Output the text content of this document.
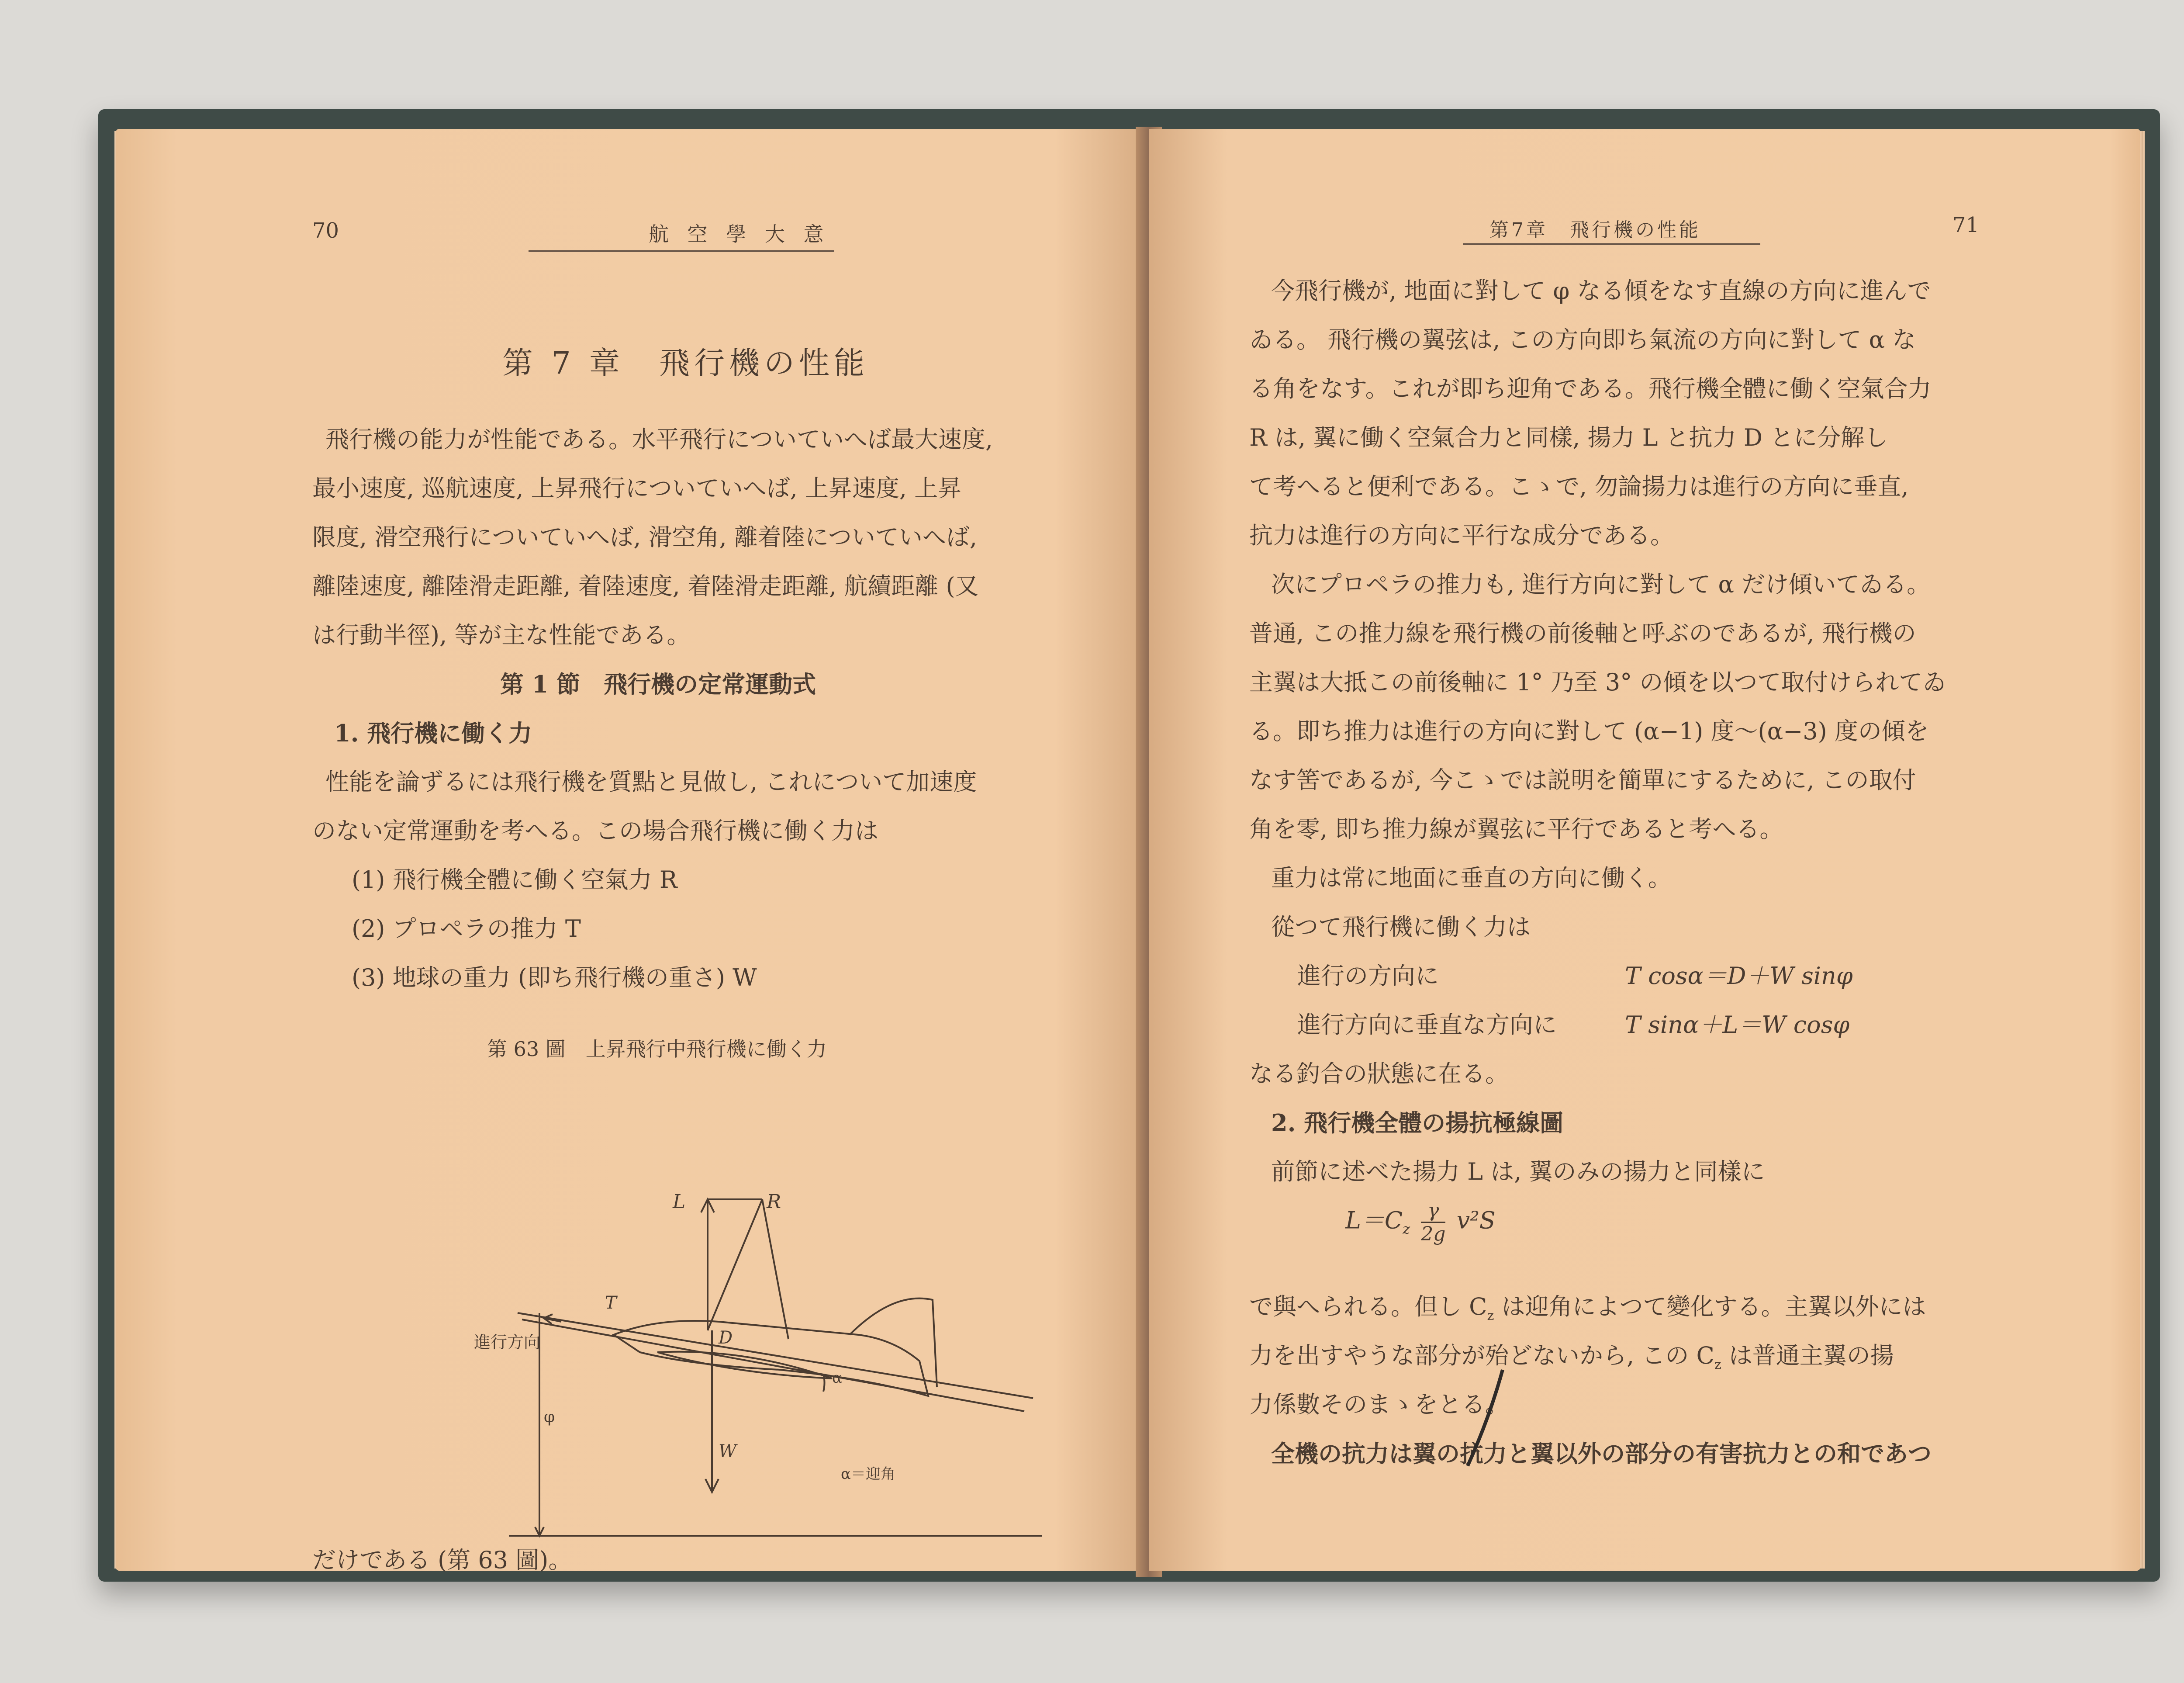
70	航 空 學 大 意
第 7 章　飛行機の性能
飛行機の能力が性能である。水平飛行についていへば最大速度,
最小速度, 巡航速度, 上昇飛行についていへば, 上昇速度, 上昇
限度, 滑空飛行についていへば, 滑空角, 離着陸についていへば,
離陸速度, 離陸滑走距離, 着陸速度, 着陸滑走距離, 航續距離 (又
は行動半徑), 等が主な性能である。
第 1 節　飛行機の定常運動式
1. 飛行機に働く力
性能を論ずるには飛行機を質點と見做し, これについて加速度
のない定常運動を考へる。この場合飛行機に働く力は
(1) 飛行機全體に働く空氣力 R
(2) プロペラの推力 T
(3) 地球の重力 (即ち飛行機の重さ) W
第 63 圖　上昇飛行中飛行機に働く力
L	R
T
D
W
α
φ
進行方向
α＝迎角
だけである (第 63 圖)。
第7章　飛行機の性能	71
今飛行機が, 地面に對して φ なる傾をなす直線の方向に進んで
ゐる。 飛行機の翼弦は, この方向即ち氣流の方向に對して α な
る角をなす。これが即ち迎角である。飛行機全體に働く空氣合力
R は, 翼に働く空氣合力と同樣, 揚力 L と抗力 D とに分解し
て考へると便利である。こゝで, 勿論揚力は進行の方向に垂直,
抗力は進行の方向に平行な成分である。
次にプロペラの推力も, 進行方向に對して α だけ傾いてゐる。
普通, この推力線を飛行機の前後軸と呼ぶのであるが, 飛行機の
主翼は大抵この前後軸に 1° 乃至 3° の傾を以つて取付けられてゐ
る。即ち推力は進行の方向に對して (α−1) 度〜(α−3) 度の傾を
なす筈であるが, 今こゝでは説明を簡單にするために, この取付
角を零, 即ち推力線が翼弦に平行であると考へる。
重力は常に地面に垂直の方向に働く。
從つて飛行機に働く力は
進行の方向に	T cosα＝D＋W sinφ
進行方向に垂直な方向に	T sinα＋L＝W cosφ
なる釣合の狀態に在る。
2. 飛行機全體の揚抗極線圖
前節に述べた揚力 L は, 翼のみの揚力と同樣に
$L=C_z \frac{\gamma}{2g} v^2S$
で與へられる。但し $C_z$ は迎角によつて變化する。主翼以外には
力を出すやうな部分が殆どないから, この $C_z$ は普通主翼の揚
力係數そのまゝをとる。
全機の抗力は翼の抗力と翼以外の部分の有害抗力との和であつ
